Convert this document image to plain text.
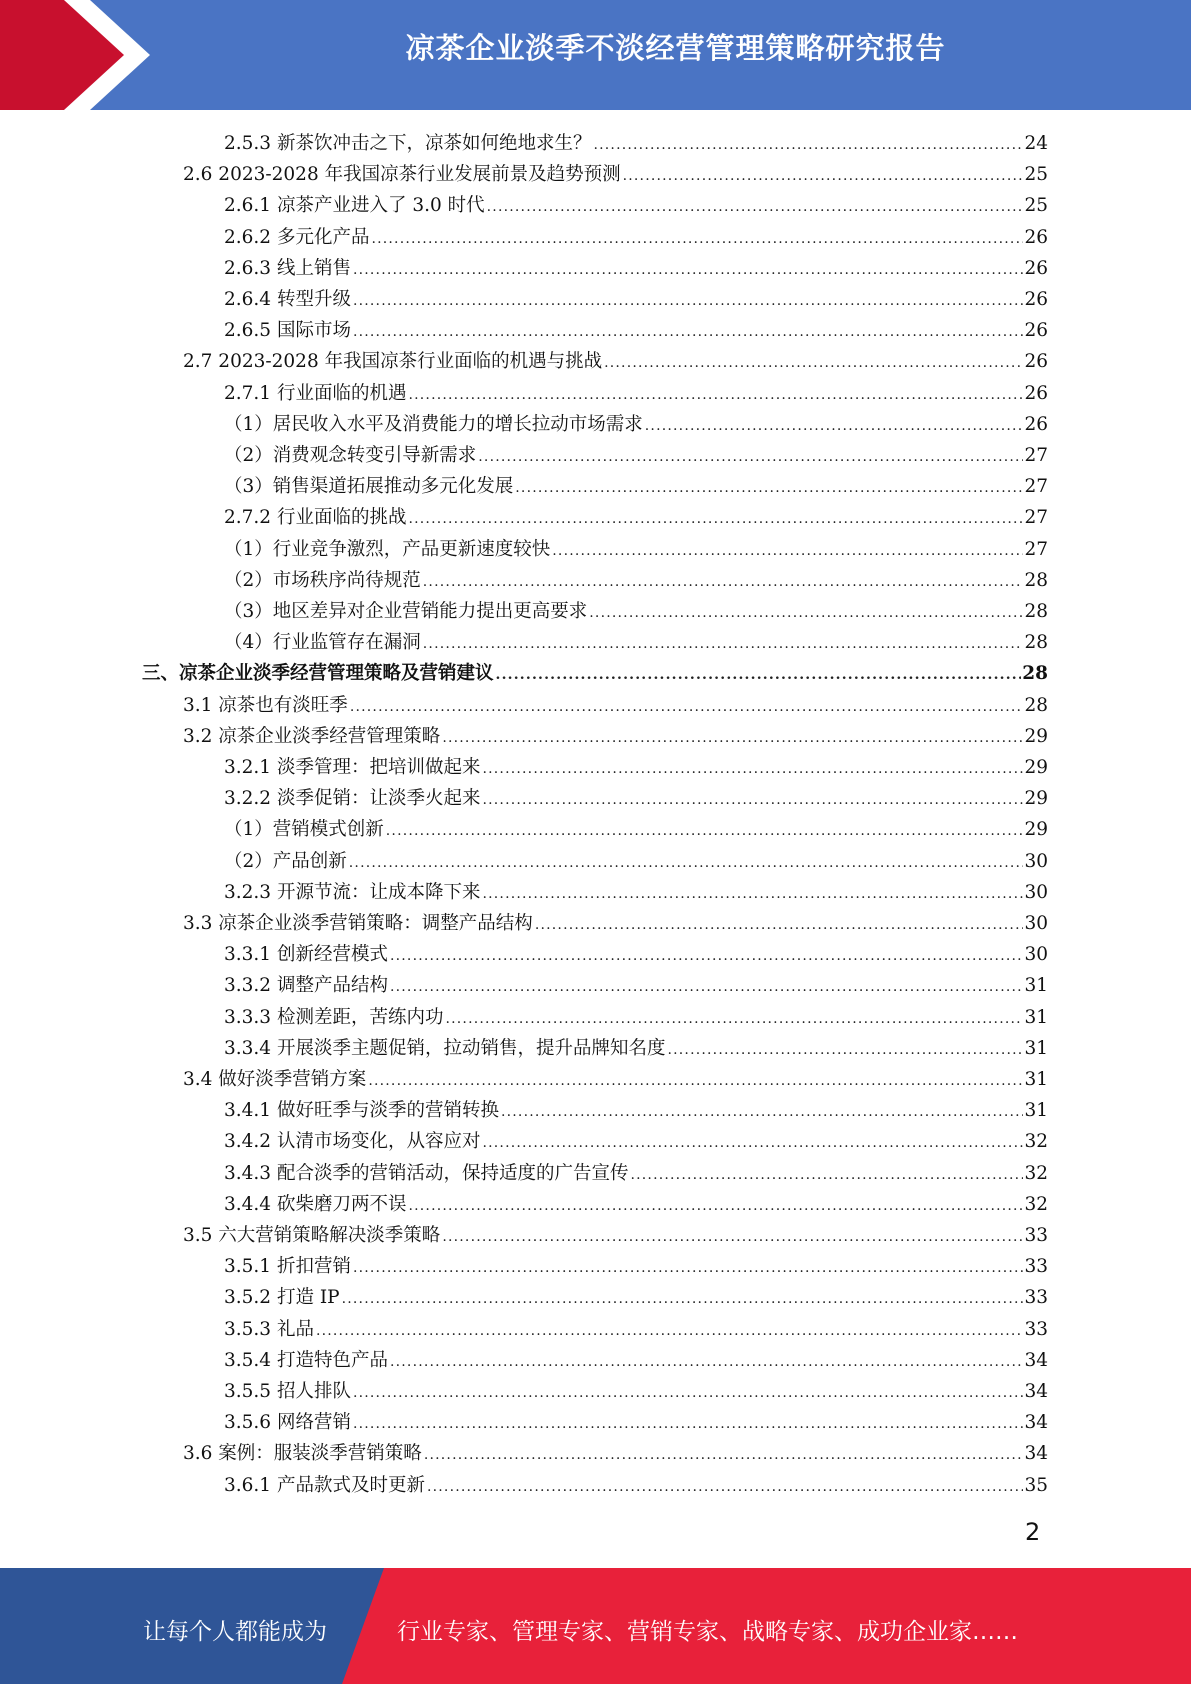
凉茶企业淡季不淡经营管理策略研究报告
2.5.3 新茶饮冲击之下，凉茶如何绝地求生？ .....	24
2.6 2023-2028 年我国凉茶行业发展前景及趋势预测 .....	25
2.6.1 凉茶产业进入了 3.0 时代 .....	25
2.6.2 多元化产品 .....	26
2.6.3 线上销售 .....	26
2.6.4 转型升级 .....	26
2.6.5 国际市场 .....	26
2.7 2023-2028 年我国凉茶行业面临的机遇与挑战 .....	26
2.7.1 行业面临的机遇 .....	26
（1）居民收入水平及消费能力的增长拉动市场需求 .....	26
（2）消费观念转变引导新需求 .....	27
（3）销售渠道拓展推动多元化发展 .....	27
2.7.2 行业面临的挑战 .....	27
（1）行业竞争激烈，产品更新速度较快 .....	27
（2）市场秩序尚待规范 .....	28
（3）地区差异对企业营销能力提出更高要求 .....	28
（4）行业监管存在漏洞 .....	28
三、凉茶企业淡季经营管理策略及营销建议 .....	28
3.1 凉茶也有淡旺季 .....	28
3.2 凉茶企业淡季经营管理策略 .....	29
3.2.1 淡季管理：把培训做起来 .....	29
3.2.2 淡季促销：让淡季火起来 .....	29
（1）营销模式创新 .....	29
（2）产品创新 .....	30
3.2.3 开源节流：让成本降下来 .....	30
3.3 凉茶企业淡季营销策略：调整产品结构 .....	30
3.3.1 创新经营模式 .....	30
3.3.2 调整产品结构 .....	31
3.3.3 检测差距，苦练内功 .....	31
3.3.4 开展淡季主题促销，拉动销售，提升品牌知名度 .....	31
3.4 做好淡季营销方案 .....	31
3.4.1 做好旺季与淡季的营销转换 .....	31
3.4.2 认清市场变化，从容应对 .....	32
3.4.3 配合淡季的营销活动，保持适度的广告宣传 .....	32
3.4.4 砍柴磨刀两不误 .....	32
3.5 六大营销策略解决淡季策略 .....	33
3.5.1 折扣营销 .....	33
3.5.2 打造 IP .....	33
3.5.3 礼品 .....	33
3.5.4 打造特色产品 .....	34
3.5.5 招人排队 .....	34
3.5.6 网络营销 .....	34
3.6 案例：服装淡季营销策略 .....	34
3.6.1 产品款式及时更新 .....	35
2
让每个人都能成为	行业专家、管理专家、营销专家、战略专家、成功企业家……
